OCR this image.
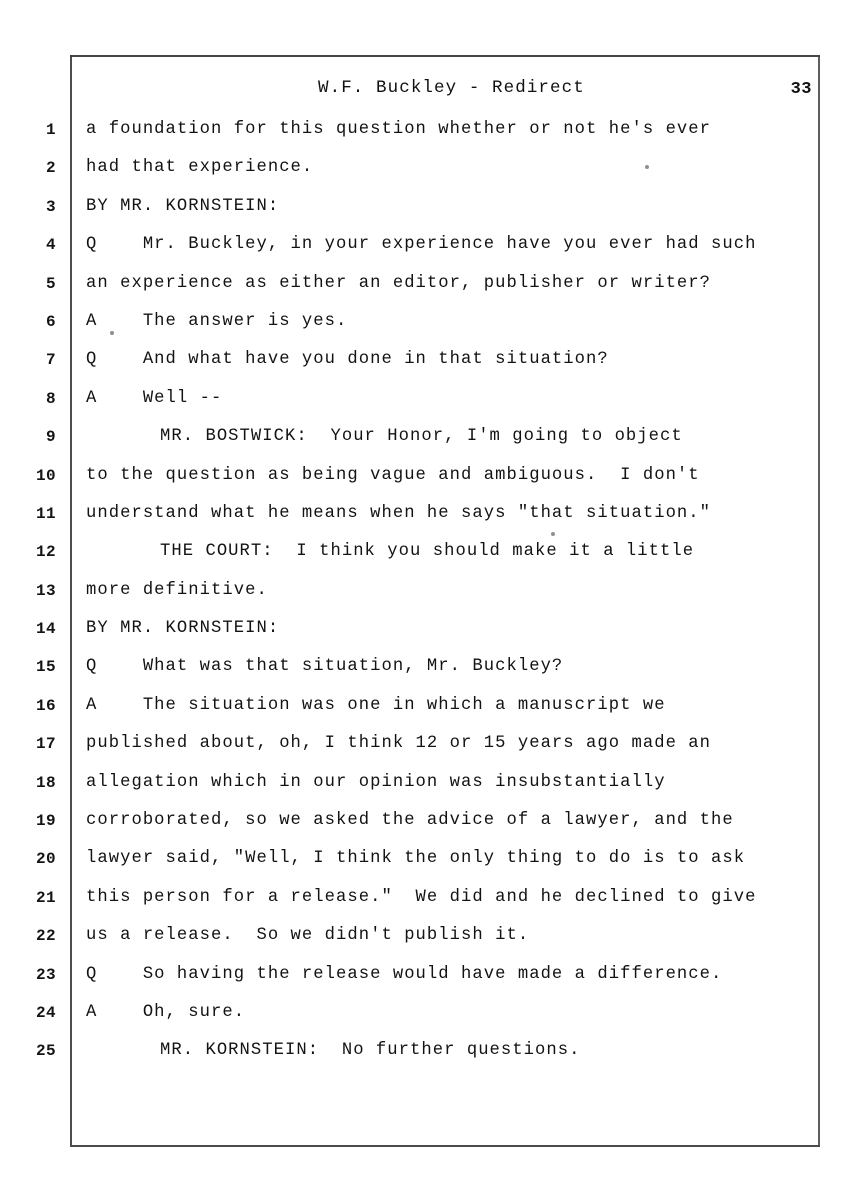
W.F. Buckley - Redirect	33
1 a foundation for this question whether or not he's ever
2 had that experience.
3 BY MR. KORNSTEIN:
4 Q    Mr. Buckley, in your experience have you ever had such
5 an experience as either an editor, publisher or writer?
6 A    The answer is yes.
7 Q    And what have you done in that situation?
8 A    Well --
9	MR. BOSTWICK:  Your Honor, I'm going to object
10 to the question as being vague and ambiguous.  I don't
11 understand what he means when he says "that situation."
12	THE COURT:  I think you should make it a little
13 more definitive.
14 BY MR. KORNSTEIN:
15 Q    What was that situation, Mr. Buckley?
16 A    The situation was one in which a manuscript we
17 published about, oh, I think 12 or 15 years ago made an
18 allegation which in our opinion was insubstantially
19 corroborated, so we asked the advice of a lawyer, and the
20 lawyer said, "Well, I think the only thing to do is to ask
21 this person for a release."  We did and he declined to give
22 us a release.  So we didn't publish it.
23 Q    So having the release would have made a difference.
24 A    Oh, sure.
25	MR. KORNSTEIN:  No further questions.
